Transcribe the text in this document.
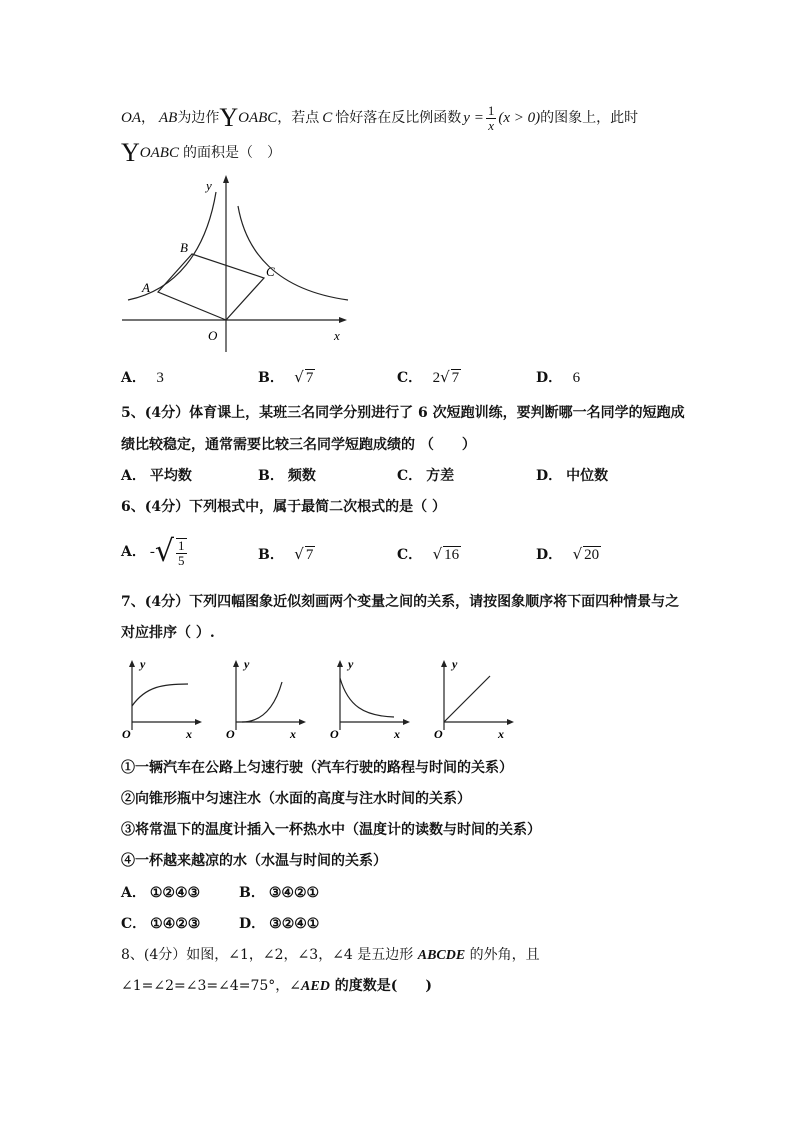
OA ， AB 为边作 Y OABC ，若点 C 恰好落在反比例函数 $y = \frac{1}{x} (x > 0)$ 的图象上，此时
Y OABC 的面积是（　）
y
x
O
A
B
C
A． 3	B． √ 7	C． 2√ 7	D． 6
5、(4分）体育课上，某班三名同学分别进行了 6 次短跑训练，要判断哪一名同学的短跑成
绩比较稳定，通常需要比较三名同学短跑成绩的 （　　）
A． 平均数	B． 频数	C． 方差	D． 中位数
6、(4分）下列根式中，属于最简二次根式的是（ ）
A． - √ $\frac{1}{5}$	B． √ 7	C． √ 16	D． √ 20
7、(4分）下列四幅图象近似刻画两个变量之间的关系，请按图象顺序将下面四种情景与之
对应排序（ ）.
y
x
O
y
x
O
y
x
O
y
x
O
①一辆汽车在公路上匀速行驶（汽车行驶的路程与时间的关系）
②向锥形瓶中匀速注水（水面的高度与注水时间的关系）
③将常温下的温度计插入一杯热水中（温度计的读数与时间的关系）
④一杯越来越凉的水（水温与时间的关系）
A． ①②④③	B． ③④②①
C． ①④②③	D． ③②④①
8、(4分）如图，∠1，∠2，∠3，∠4 是五边形 ABCDE 的外角，且
∠1=∠2=∠3=∠4=75°，∠AED 的度数是(　　)
